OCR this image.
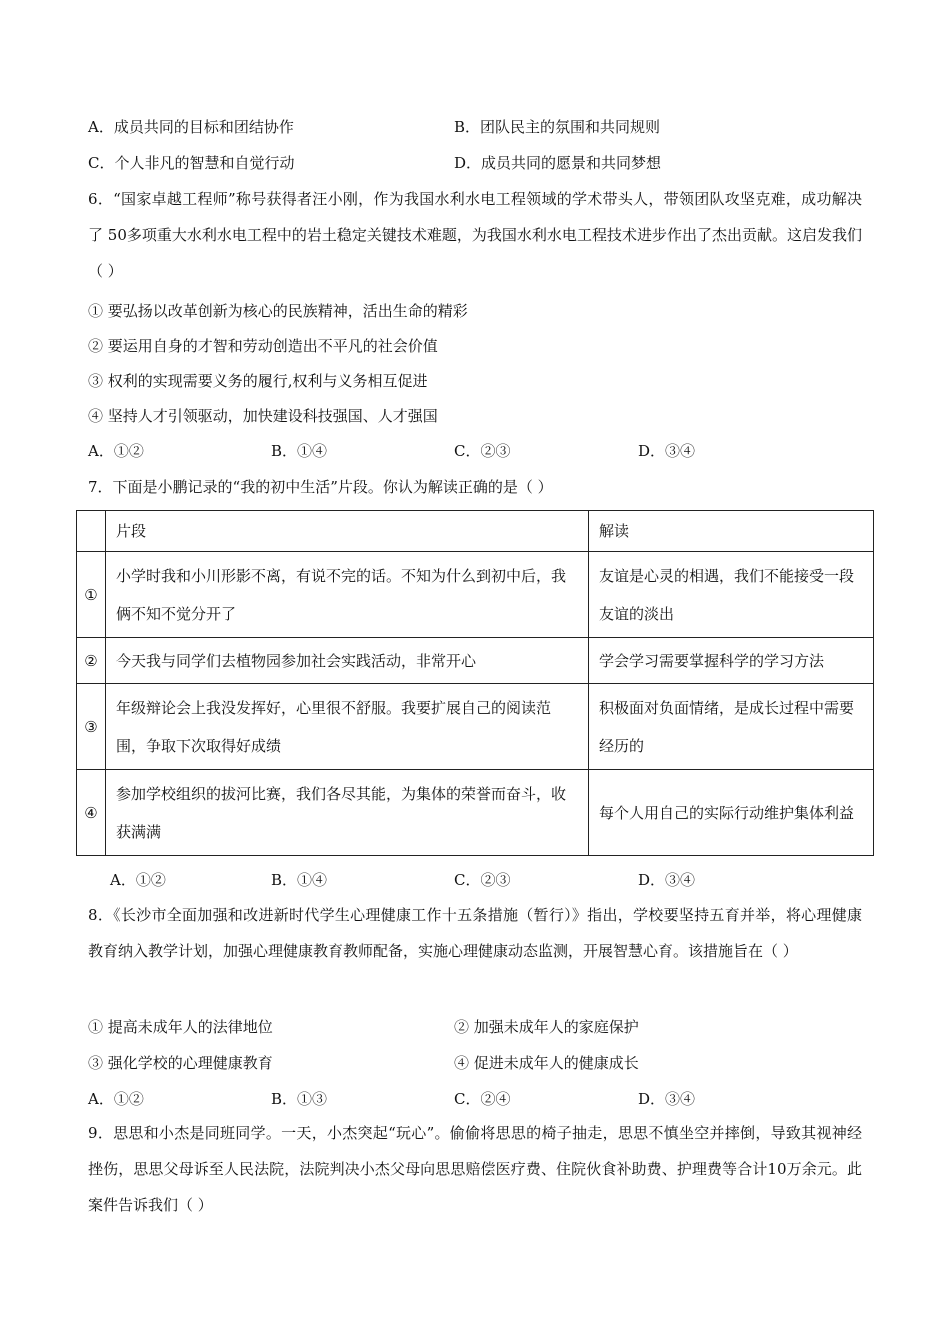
A．成员共同的目标和团结协作	B．团队民主的氛围和共同规则
C．个人非凡的智慧和自觉行动	D．成员共同的愿景和共同梦想
6．“国家卓越工程师”称号获得者汪小刚，作为我国水利水电工程领域的学术带头人，带领团队攻坚克难，成功解决了 50多项重大水利水电工程中的岩土稳定关键技术难题，为我国水利水电工程技术进步作出了杰出贡献。这启发我们（ ）
① 要弘扬以改革创新为核心的民族精神，活出生命的精彩
② 要运用自身的才智和劳动创造出不平凡的社会价值
③ 权利的实现需要义务的履行,权利与义务相互促进
④ 坚持人才引领驱动，加快建设科技强国、人才强国
A．①②	B．①④	C．②③	D．③④
7．下面是小鹏记录的“我的初中生活”片段。你认为解读正确的是（ ）
	片段	解读
①	小学时我和小川形影不离，有说不完的话。不知为什么到初中后，我俩不知不觉分开了	友谊是心灵的相遇，我们不能接受一段友谊的淡出
②	今天我与同学们去植物园参加社会实践活动，非常开心	学会学习需要掌握科学的学习方法
③	年级辩论会上我没发挥好，心里很不舒服。我要扩展自己的阅读范围，争取下次取得好成绩	积极面对负面情绪，是成长过程中需要经历的
④	参加学校组织的拔河比赛，我们各尽其能，为集体的荣誉而奋斗，收获满满	每个人用自己的实际行动维护集体利益
A．①②	B．①④	C．②③	D．③④
8．《长沙市全面加强和改进新时代学生心理健康工作十五条措施（暂行）》指出，学校要坚持五育并举，将心理健康教育纳入教学计划，加强心理健康教育教师配备，实施心理健康动态监测，开展智慧心育。该措施旨在（ ）
① 提高未成年人的法律地位	② 加强未成年人的家庭保护
③ 强化学校的心理健康教育	④ 促进未成年人的健康成长
A．①②	B．①③	C．②④	D．③④
9．思思和小杰是同班同学。一天，小杰突起“玩心”。偷偷将思思的椅子抽走，思思不慎坐空并摔倒，导致其视神经挫伤，思思父母诉至人民法院，法院判决小杰父母向思思赔偿医疗费、住院伙食补助费、护理费等合计10万余元。此案件告诉我们（ ）
